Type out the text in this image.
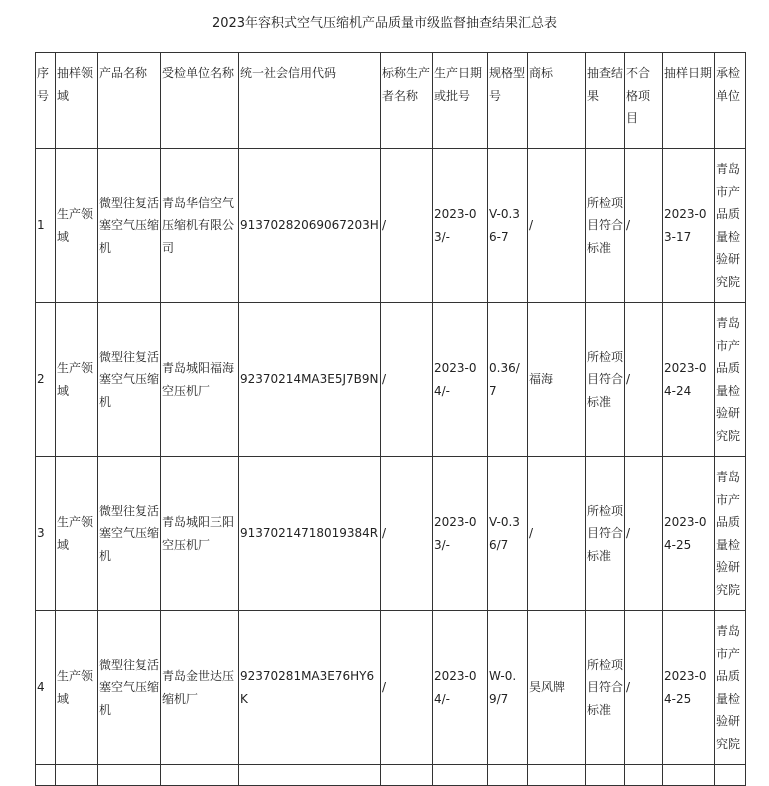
2023年容积式空气压缩机产品质量市级监督抽查结果汇总表
序号	抽样领域	产品名称	受检单位名称	统一社会信用代码	标称生产者名称	生产日期或批号	规格型号	商标	抽查结果	不合格项目	抽样日期	承检单位
1	生产领域	微型往复活塞空气压缩机	青岛华信空气压缩机有限公司	91370282069067203H	/	2023-03/-	V-0.36-7	/	所检项目符合标准	/	2023-03-17	青岛市产品质量检验研究院
2	生产领域	微型往复活塞空气压缩机	青岛城阳福海空压机厂	92370214MA3E5J7B9N	/	2023-04/-	0.36/7	福海	所检项目符合标准	/	2023-04-24	青岛市产品质量检验研究院
3	生产领域	微型往复活塞空气压缩机	青岛城阳三阳空压机厂	91370214718019384R	/	2023-03/-	V-0.36/7	/	所检项目符合标准	/	2023-04-25	青岛市产品质量检验研究院
4	生产领域	微型往复活塞空气压缩机	青岛金世达压缩机厂	92370281MA3E76HY6K	/	2023-04/-	W-0.9/7	昊风牌	所检项目符合标准	/	2023-04-25	青岛市产品质量检验研究院
